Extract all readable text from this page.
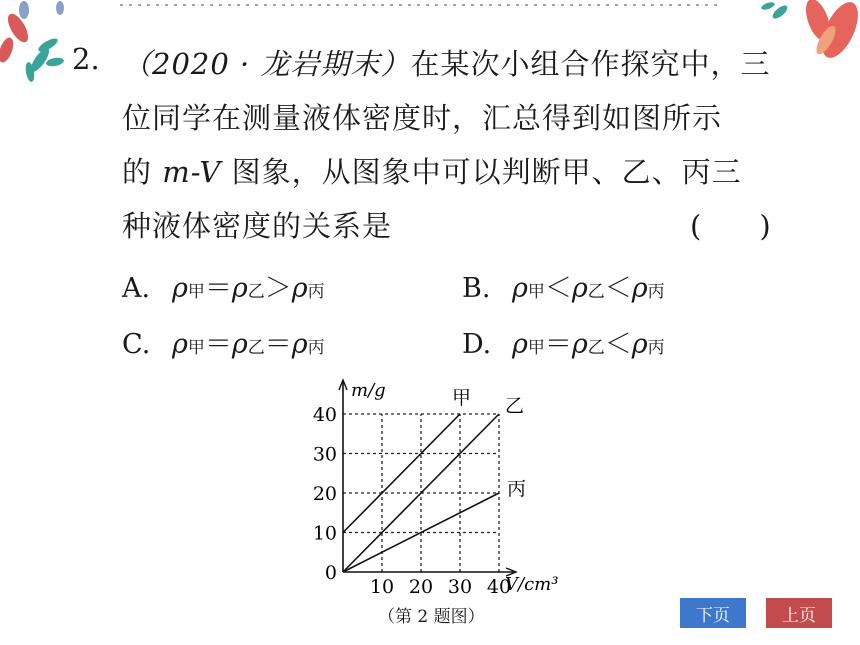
2. （2020 · 龙岩期末）在某次小组合作探究中，三
位同学在测量液体密度时，汇总得到如图所示
的 m-V 图象，从图象中可以判断甲、乙、丙三
种液体密度的关系是	(　　)
A. ρ甲＝ρ乙＞ρ丙	B. ρ甲＜ρ乙＜ρ丙
C. ρ甲＝ρ乙＝ρ丙	D. ρ甲＝ρ乙＜ρ丙
0
10
20
30
40
10 20 30 40
m/g
V/cm³
甲 乙
丙
（第 2 题图）	下页	上页
